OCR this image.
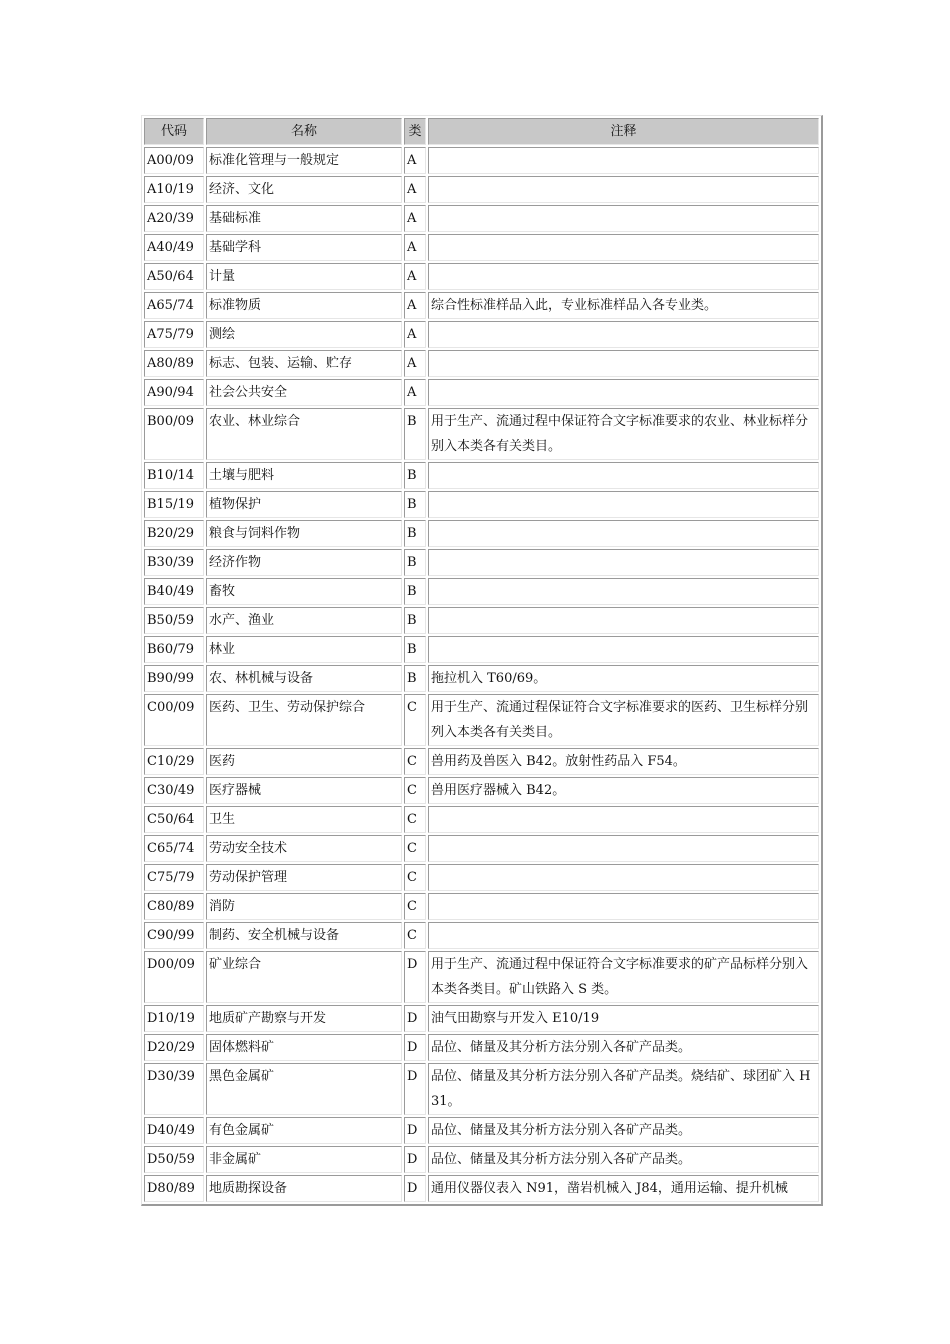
代码	名称	类	注释
A00/09	标准化管理与一般规定	A	
A10/19	经济、文化	A	
A20/39	基础标准	A	
A40/49	基础学科	A	
A50/64	计量	A	
A65/74	标准物质	A	综合性标准样品入此，专业标准样品入各专业类。
A75/79	测绘	A	
A80/89	标志、包装、运输、贮存	A	
A90/94	社会公共安全	A	
B00/09	农业、林业综合	B	用于生产、流通过程中保证符合文字标准要求的农业、林业标样分别入本类各有关类目。
B10/14	土壤与肥料	B	
B15/19	植物保护	B	
B20/29	粮食与饲料作物	B	
B30/39	经济作物	B	
B40/49	畜牧	B	
B50/59	水产、渔业	B	
B60/79	林业	B	
B90/99	农、林机械与设备	B	拖拉机入 T60/69。
C00/09	医药、卫生、劳动保护综合	C	用于生产、流通过程保证符合文字标准要求的医药、卫生标样分别列入本类各有关类目。
C10/29	医药	C	兽用药及兽医入 B42。放射性药品入 F54。
C30/49	医疗器械	C	兽用医疗器械入 B42。
C50/64	卫生	C	
C65/74	劳动安全技术	C	
C75/79	劳动保护管理	C	
C80/89	消防	C	
C90/99	制药、安全机械与设备	C	
D00/09	矿业综合	D	用于生产、流通过程中保证符合文字标准要求的矿产品标样分别入本类各类目。矿山铁路入 S 类。
D10/19	地质矿产勘察与开发	D	油气田勘察与开发入 E10/19
D20/29	固体燃料矿	D	品位、储量及其分析方法分别入各矿产品类。
D30/39	黑色金属矿	D	品位、储量及其分析方法分别入各矿产品类。烧结矿、球团矿入 H31。
D40/49	有色金属矿	D	品位、储量及其分析方法分别入各矿产品类。
D50/59	非金属矿	D	品位、储量及其分析方法分别入各矿产品类。
D80/89	地质勘探设备	D	通用仪器仪表入 N91，凿岩机械入 J84，通用运输、提升机械
